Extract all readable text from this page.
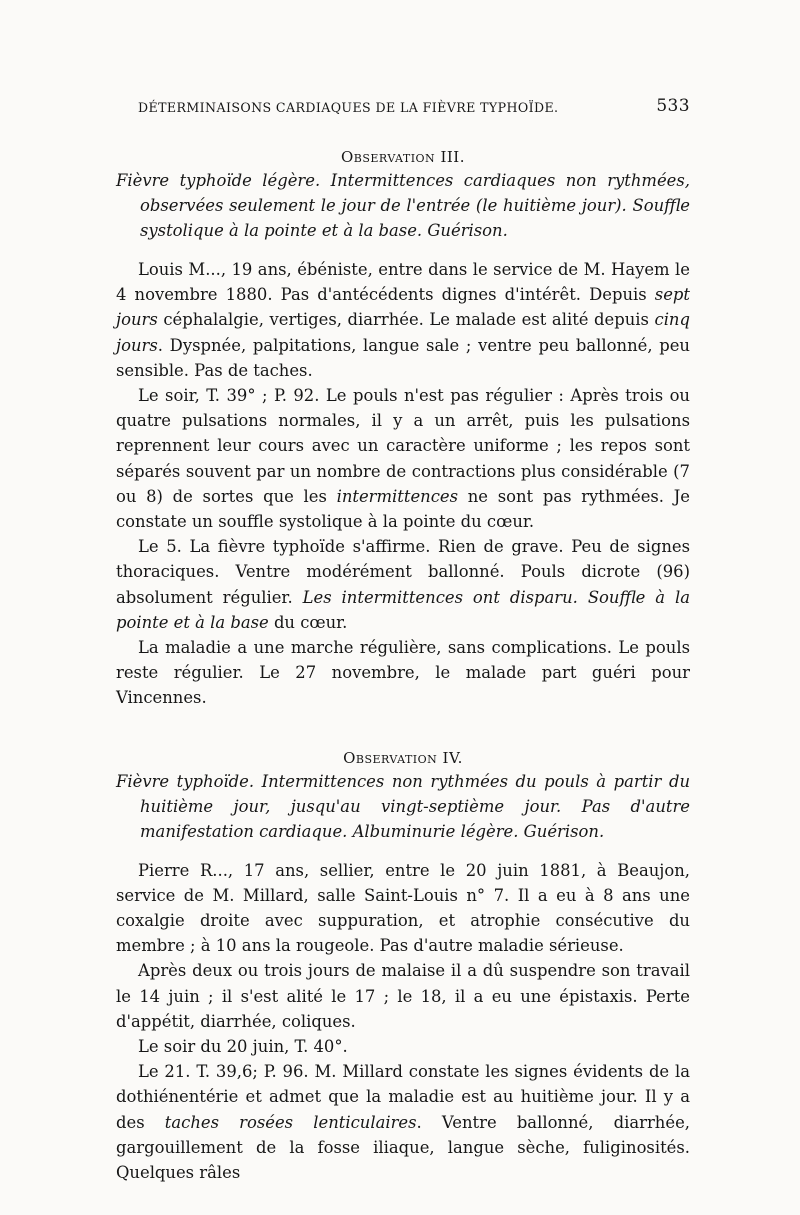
DÉTERMINAISONS CARDIAQUES DE LA FIÈVRE TYPHOÏDE.	533
Observation III.

Fièvre typhoïde légère. Intermittences cardiaques non rythmées, observées seulement le jour de l'entrée (le huitième jour). Souffle systolique à la pointe et à la base. Guérison.

Louis M..., 19 ans, ébéniste, entre dans le service de M. Hayem le 4 novembre 1880. Pas d'antécédents dignes d'intérêt. Depuis sept jours céphalalgie, vertiges, diarrhée. Le malade est alité depuis cinq jours. Dyspnée, palpitations, langue sale ; ventre peu ballonné, peu sensible. Pas de taches.

Le soir, T. 39° ; P. 92. Le pouls n'est pas régulier : Après trois ou quatre pulsations normales, il y a un arrêt, puis les pulsations reprennent leur cours avec un caractère uniforme ; les repos sont séparés souvent par un nombre de contractions plus considérable (7 ou 8) de sortes que les intermittences ne sont pas rythmées. Je constate un souffle systolique à la pointe du cœur.

Le 5. La fièvre typhoïde s'affirme. Rien de grave. Peu de signes thoraciques. Ventre modérément ballonné. Pouls dicrote (96) absolument régulier. Les intermittences ont disparu. Souffle à la pointe et à la base du cœur.

La maladie a une marche régulière, sans complications. Le pouls reste régulier. Le 27 novembre, le malade part guéri pour Vincennes.

Observation IV.

Fièvre typhoïde. Intermittences non rythmées du pouls à partir du huitième jour, jusqu'au vingt-septième jour. Pas d'autre manifestation cardiaque. Albuminurie légère. Guérison.

Pierre R..., 17 ans, sellier, entre le 20 juin 1881, à Beaujon, service de M. Millard, salle Saint-Louis n° 7. Il a eu à 8 ans une coxalgie droite avec suppuration, et atrophie consécutive du membre ; à 10 ans la rougeole. Pas d'autre maladie sérieuse.

Après deux ou trois jours de malaise il a dû suspendre son travail le 14 juin ; il s'est alité le 17 ; le 18, il a eu une épistaxis. Perte d'appétit, diarrhée, coliques.

Le soir du 20 juin, T. 40°.

Le 21. T. 39,6; P. 96. M. Millard constate les signes évidents de la dothiénentérie et admet que la maladie est au huitième jour. Il y a des taches rosées lenticulaires. Ventre ballonné, diarrhée, gargouillement de la fosse iliaque, langue sèche, fuliginosités. Quelques râles
